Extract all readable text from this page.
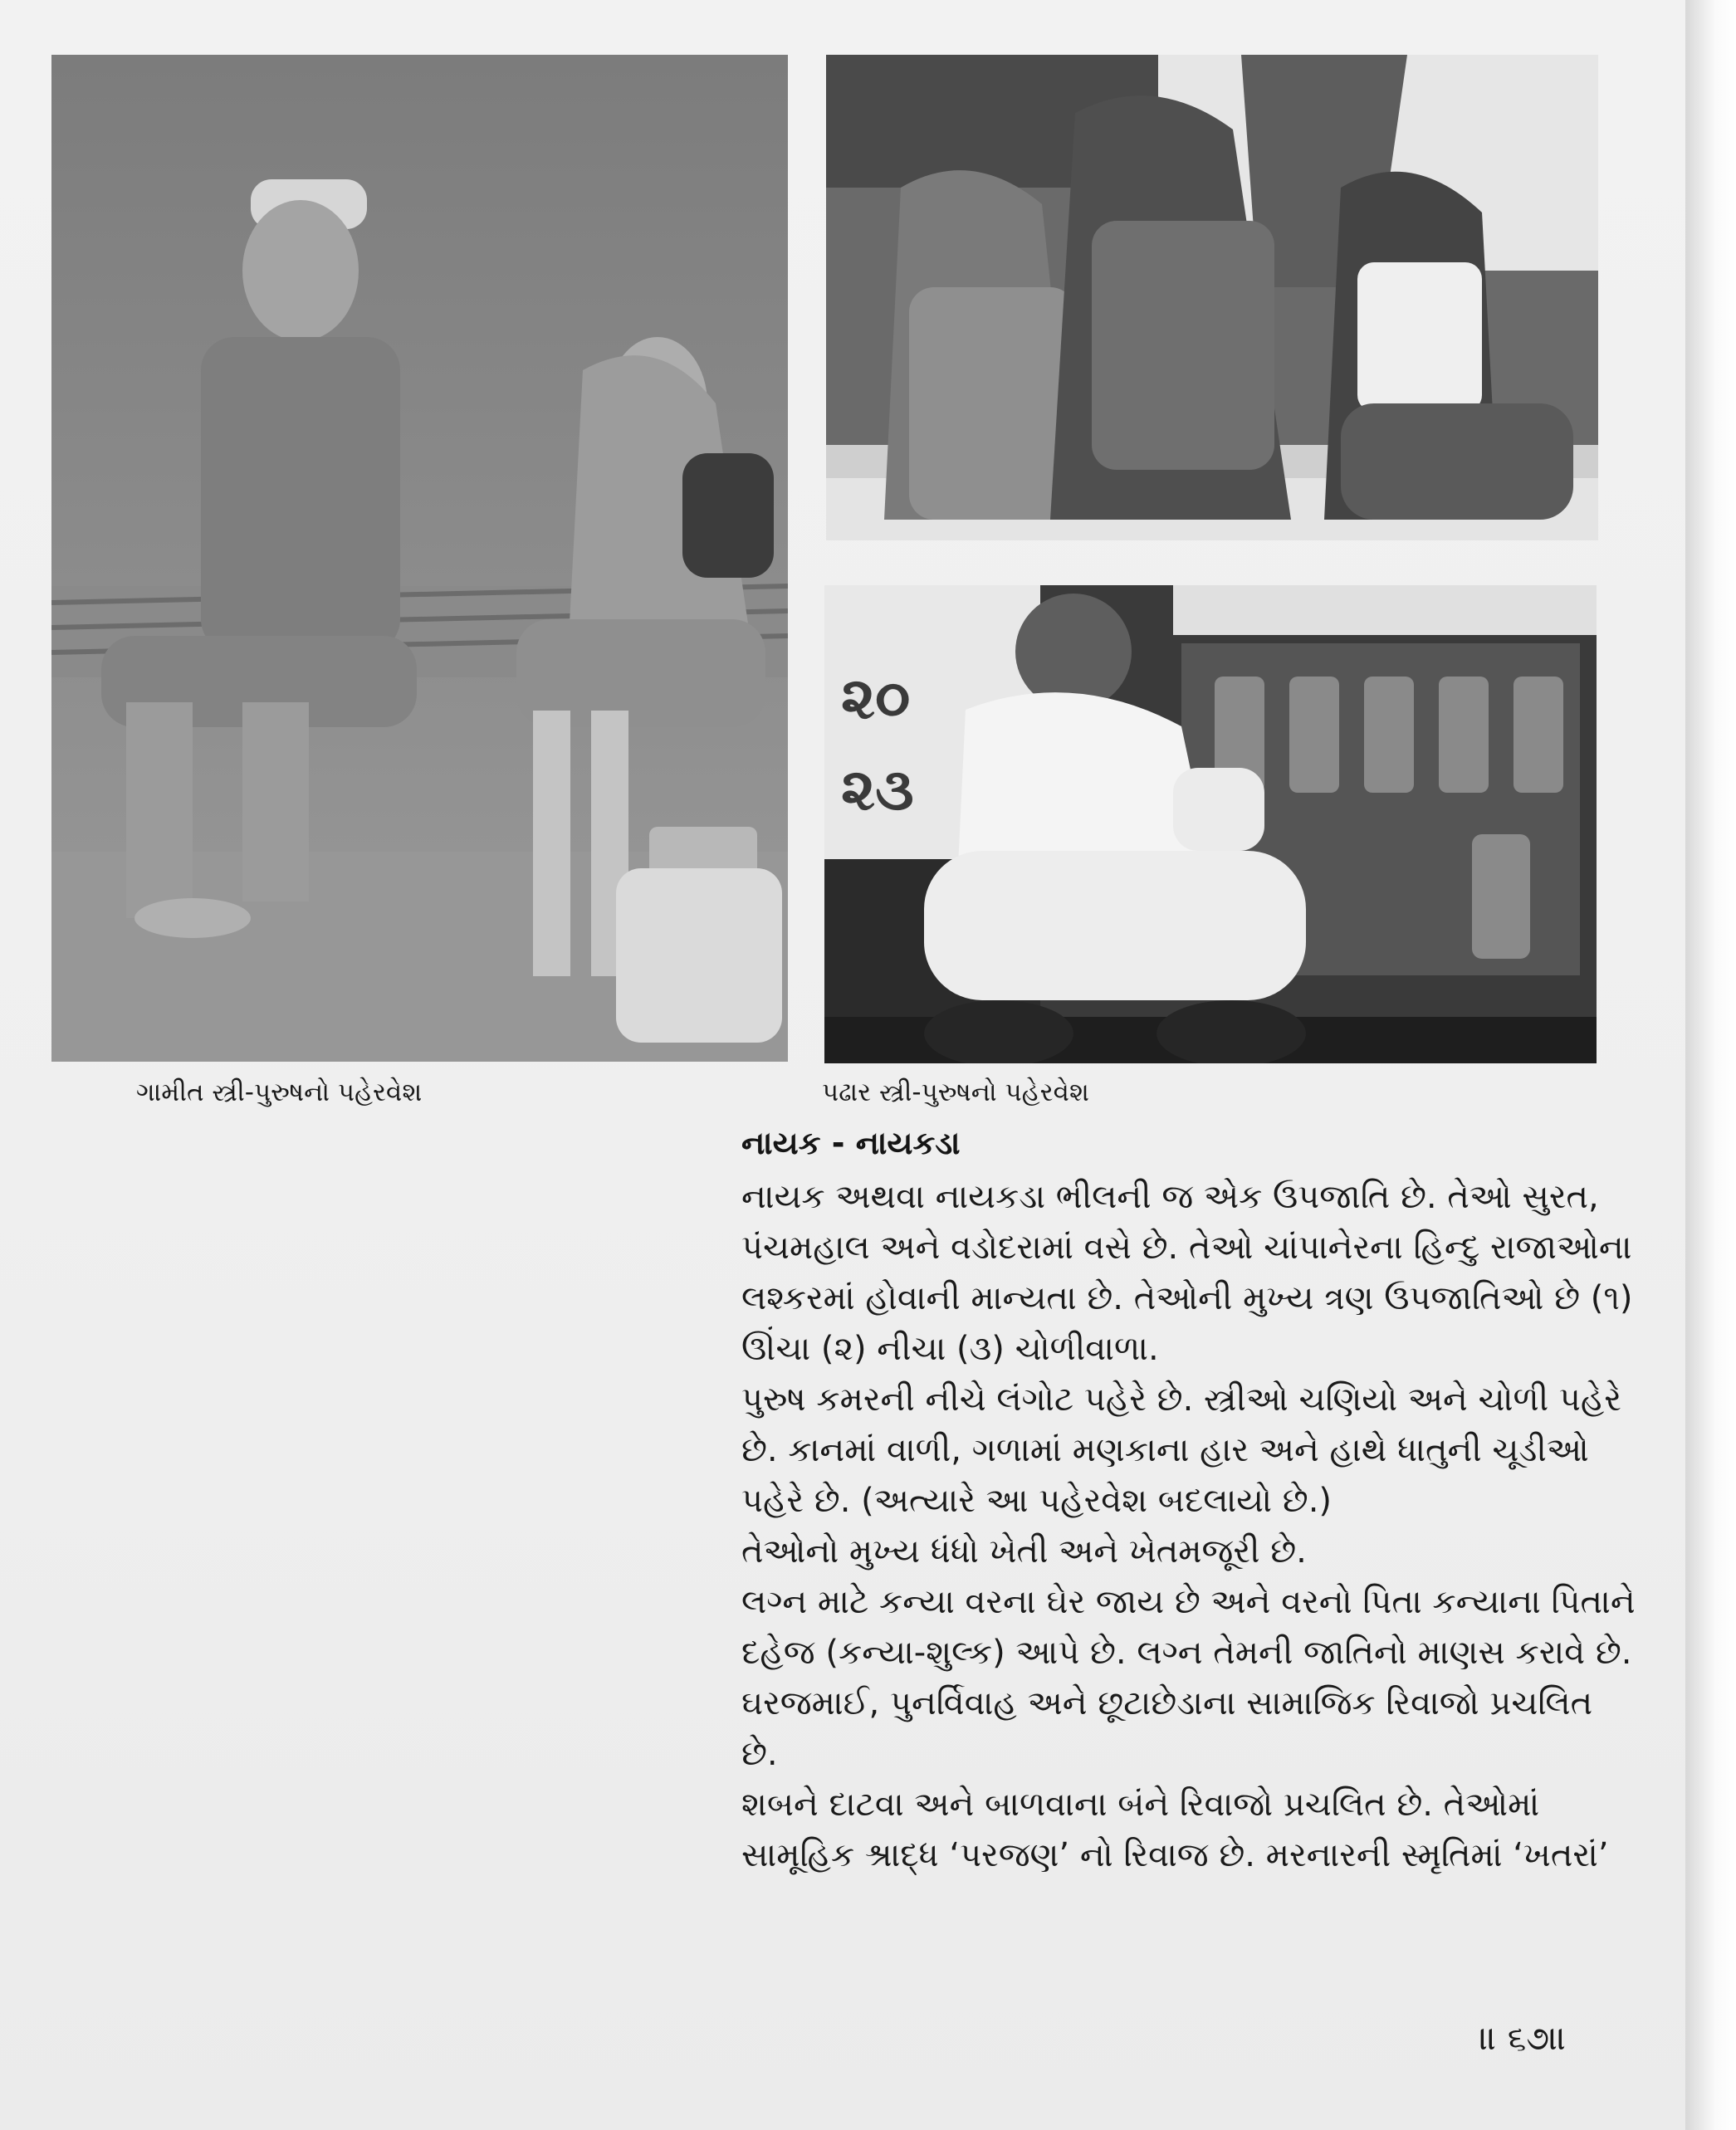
૨૦
૨૩
ગામીત સ્ત્રી-પુરુષનો પહેરવેશ	પઢાર સ્ત્રી-પુરુષનો પહેરવેશ
નાયક - નાયકડા
નાયક અથવા નાયકડા ભીલની જ એક ઉપજાતિ છે. તેઓ સુરત,
પંચમહાલ અને વડોદરામાં વસે છે. તેઓ ચાંપાનેરના હિન્દુ રાજાઓના
લશ્કરમાં હોવાની માન્યતા છે. તેઓની મુખ્ય ત્રણ ઉપજાતિઓ છે (૧)
ઊંચા (૨) નીચા (૩) ચોળીવાળા.
પુરુષ કમરની નીચે લંગોટ પહેરે છે. સ્ત્રીઓ ચણિયો અને ચોળી પહેરે
છે. કાનમાં વાળી, ગળામાં મણકાના હાર અને હાથે ધાતુની ચૂડીઓ
પહેરે છે. (અત્યારે આ પહેરવેશ બદલાયો છે.)
તેઓનો મુખ્ય ધંધો ખેતી અને ખેતમજૂરી છે.
લગ્ન માટે કન્યા વરના ઘેર જાય છે અને વરનો પિતા કન્યાના પિતાને
દહેજ (કન્યા-શુલ્ક) આપે છે. લગ્ન તેમની જાતિનો માણસ કરાવે છે.
ઘરજમાઈ, પુનર્વિવાહ અને છૂટાછેડાના સામાજિક રિવાજો પ્રચલિત
છે.
શબને દાટવા અને બાળવાના બંને રિવાજો પ્રચલિત છે. તેઓમાં
સામૂહિક શ્રાદ્ધ ‘પરજણ’ નો રિવાજ છે. મરનારની સ્મૃતિમાં ‘ખતરાં’
॥ ૬૭॥
